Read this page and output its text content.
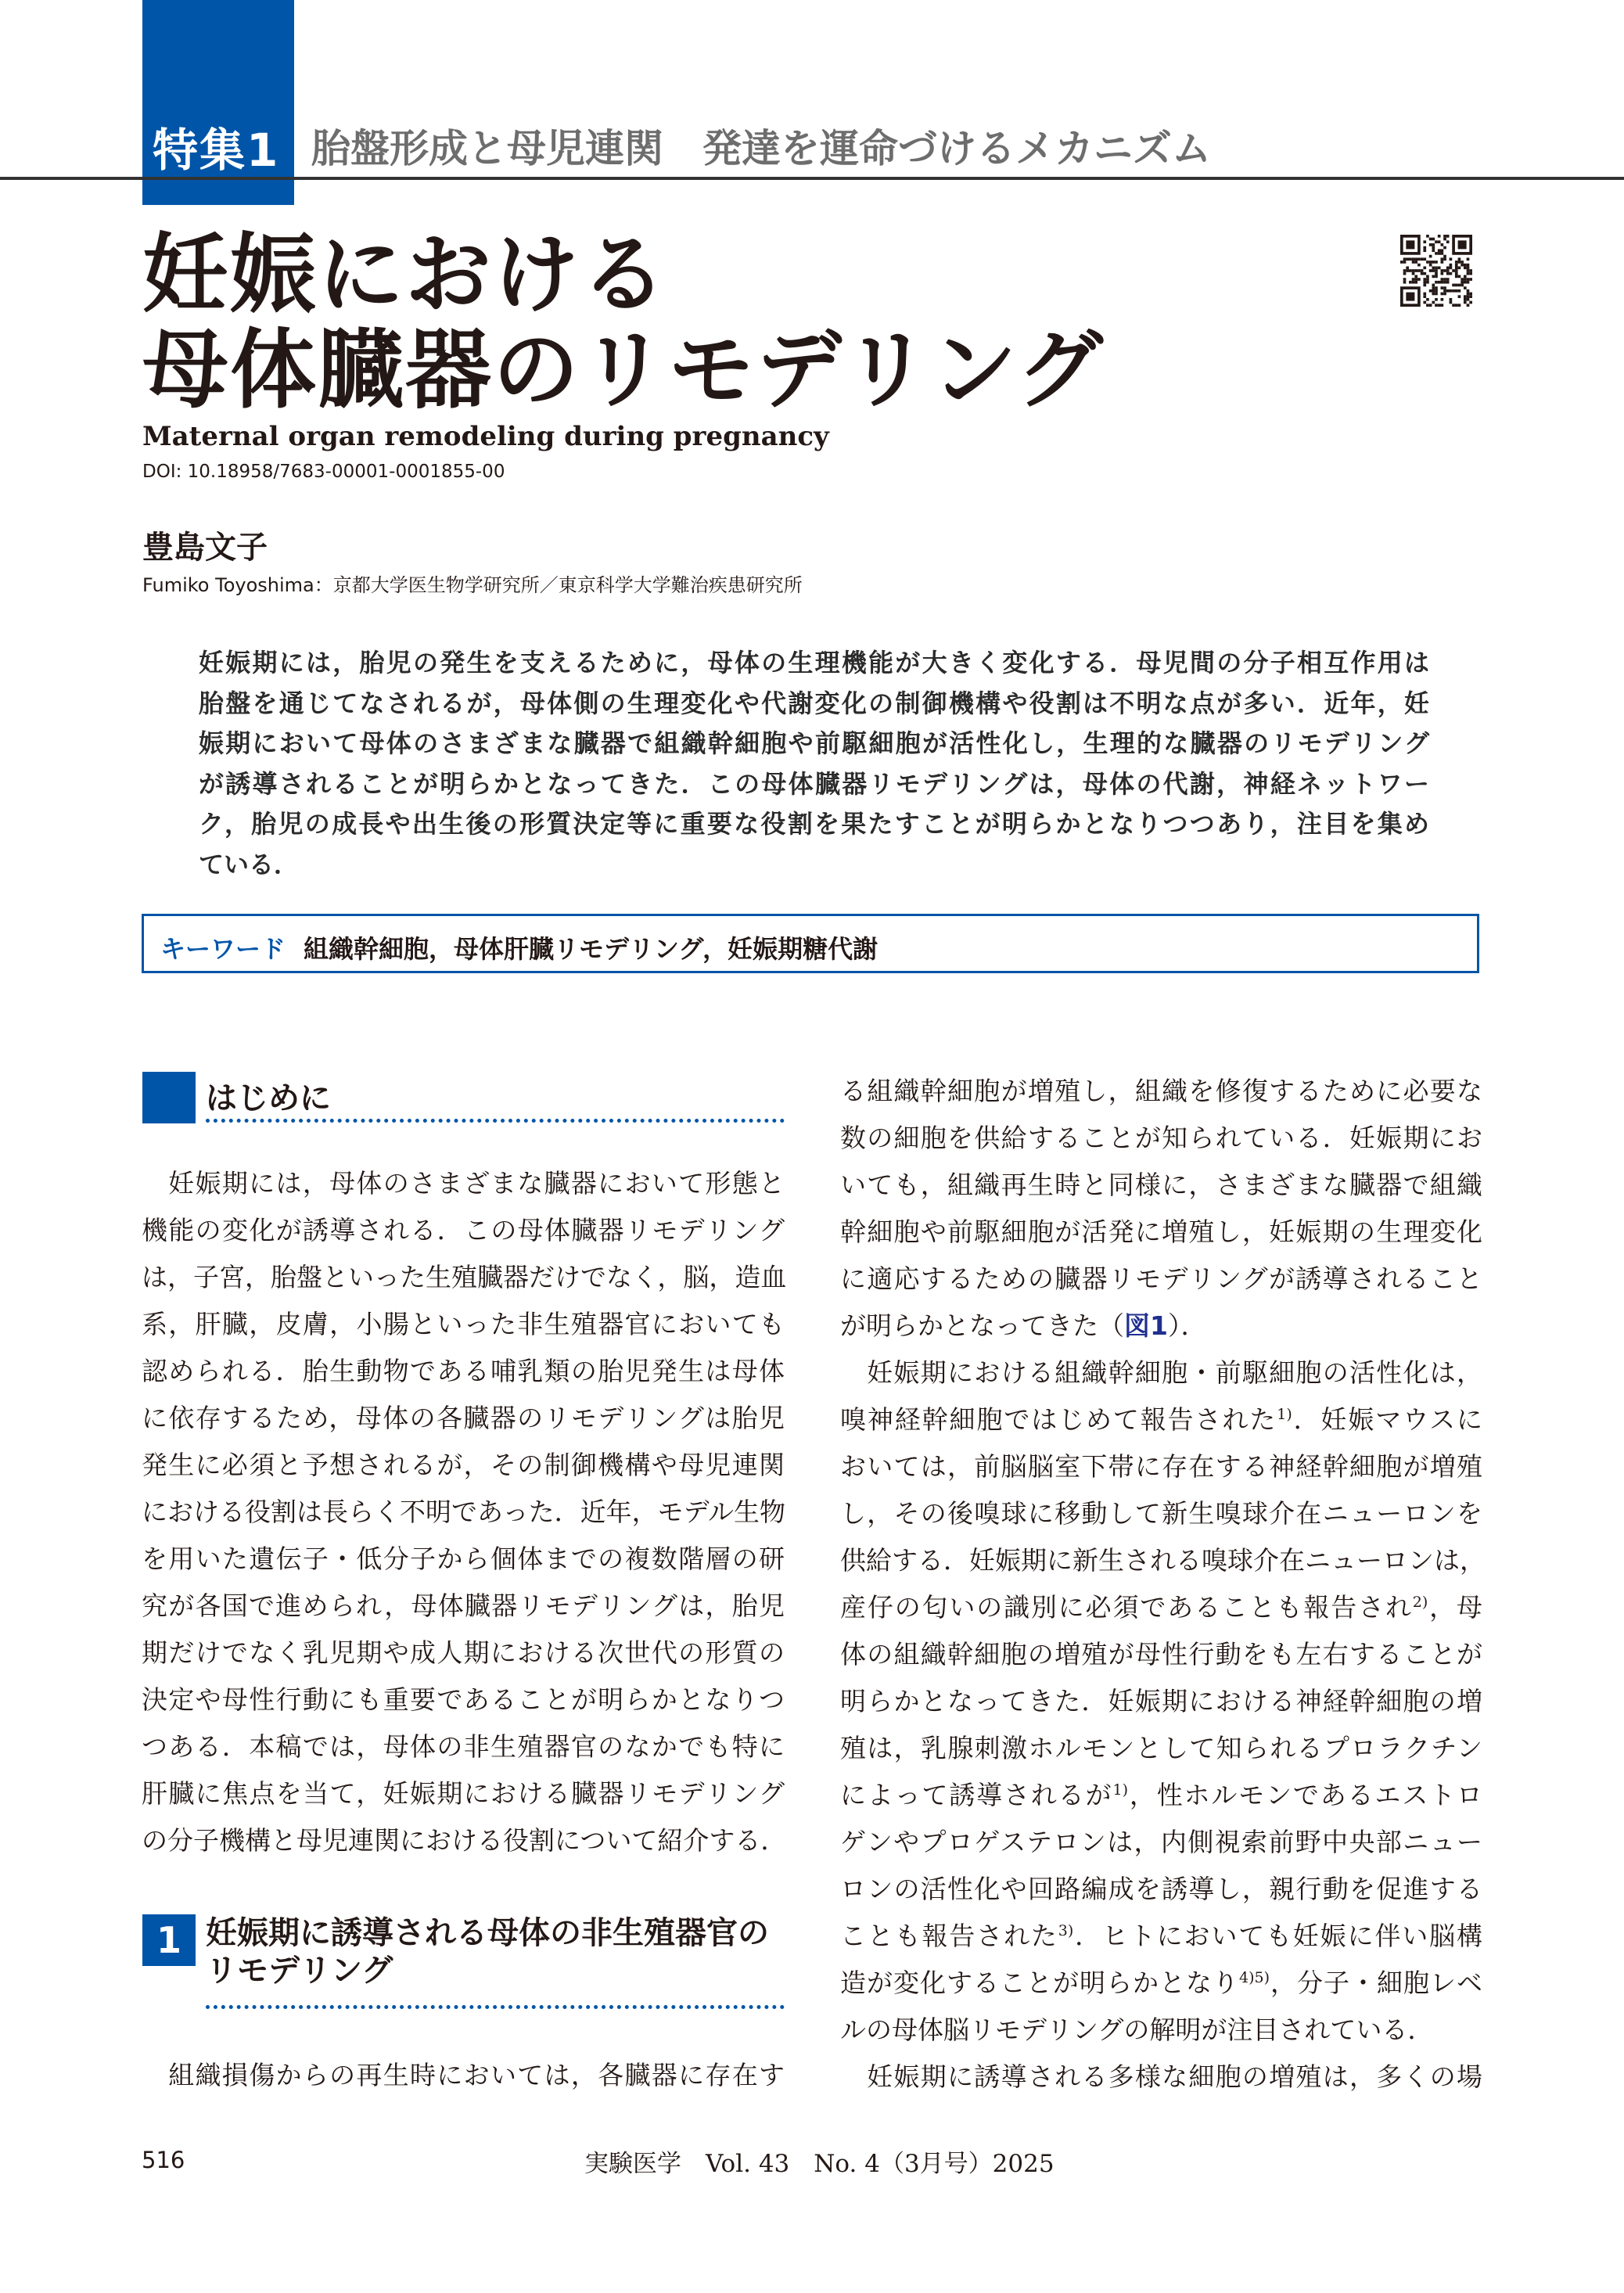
特集1 胎盤形成と母児連関　発達を運命づけるメカニズム
妊娠における
母体臓器のリモデリング
Maternal organ remodeling during pregnancy
DOI: 10.18958/7683-00001-0001855-00
豊島文子
Fumiko Toyoshima：京都大学医生物学研究所／東京科学大学難治疾患研究所
妊娠期には，胎児の発生を支えるために，母体の生理機能が大きく変化する．母児間の分子相互作用は
胎盤を通じてなされるが，母体側の生理変化や代謝変化の制御機構や役割は不明な点が多い．近年，妊
娠期において母体のさまざまな臓器で組織幹細胞や前駆細胞が活性化し，生理的な臓器のリモデリング
が誘導されることが明らかとなってきた．この母体臓器リモデリングは，母体の代謝，神経ネットワー
ク，胎児の成長や出生後の形質決定等に重要な役割を果たすことが明らかとなりつつあり，注目を集め
ている．
キーワード 組織幹細胞，母体肝臓リモデリング，妊娠期糖代謝
はじめに
　妊娠期には，母体のさまざまな臓器において形態と
機能の変化が誘導される．この母体臓器リモデリング
は，子宮，胎盤といった生殖臓器だけでなく，脳，造血
系，肝臓，皮膚，小腸といった非生殖器官においても
認められる．胎生動物である哺乳類の胎児発生は母体
に依存するため，母体の各臓器のリモデリングは胎児
発生に必須と予想されるが，その制御機構や母児連関
における役割は長らく不明であった．近年，モデル生物
を用いた遺伝子・低分子から個体までの複数階層の研
究が各国で進められ，母体臓器リモデリングは，胎児
期だけでなく乳児期や成人期における次世代の形質の
決定や母性行動にも重要であることが明らかとなりつ
つある．本稿では，母体の非生殖器官のなかでも特に
肝臓に焦点を当て，妊娠期における臓器リモデリング
の分子機構と母児連関における役割について紹介する．
1 妊娠期に誘導される母体の非生殖器官の
リモデリング
　組織損傷からの再生時においては，各臓器に存在す
る組織幹細胞が増殖し，組織を修復するために必要な
数の細胞を供給することが知られている．妊娠期にお
いても，組織再生時と同様に，さまざまな臓器で組織
幹細胞や前駆細胞が活発に増殖し，妊娠期の生理変化
に適応するための臓器リモデリングが誘導されること
が明らかとなってきた（図1）．
　妊娠期における組織幹細胞・前駆細胞の活性化は，
嗅神経幹細胞ではじめて報告された$^{1)}$．妊娠マウスに
おいては，前脳脳室下帯に存在する神経幹細胞が増殖
し，その後嗅球に移動して新生嗅球介在ニューロンを
供給する．妊娠期に新生される嗅球介在ニューロンは，
産仔の匂いの識別に必須であることも報告され$^{2)}$，母
体の組織幹細胞の増殖が母性行動をも左右することが
明らかとなってきた．妊娠期における神経幹細胞の増
殖は，乳腺刺激ホルモンとして知られるプロラクチン
によって誘導されるが$^{1)}$，性ホルモンであるエストロ
ゲンやプロゲステロンは，内側視索前野中央部ニュー
ロンの活性化や回路編成を誘導し，親行動を促進する
ことも報告された$^{3)}$．ヒトにおいても妊娠に伴い脳構
造が変化することが明らかとなり$^{4)5)}$，分子・細胞レベ
ルの母体脳リモデリングの解明が注目されている．
　妊娠期に誘導される多様な細胞の増殖は，多くの場
516	実験医学　Vol. 43　No. 4（3月号）2025
